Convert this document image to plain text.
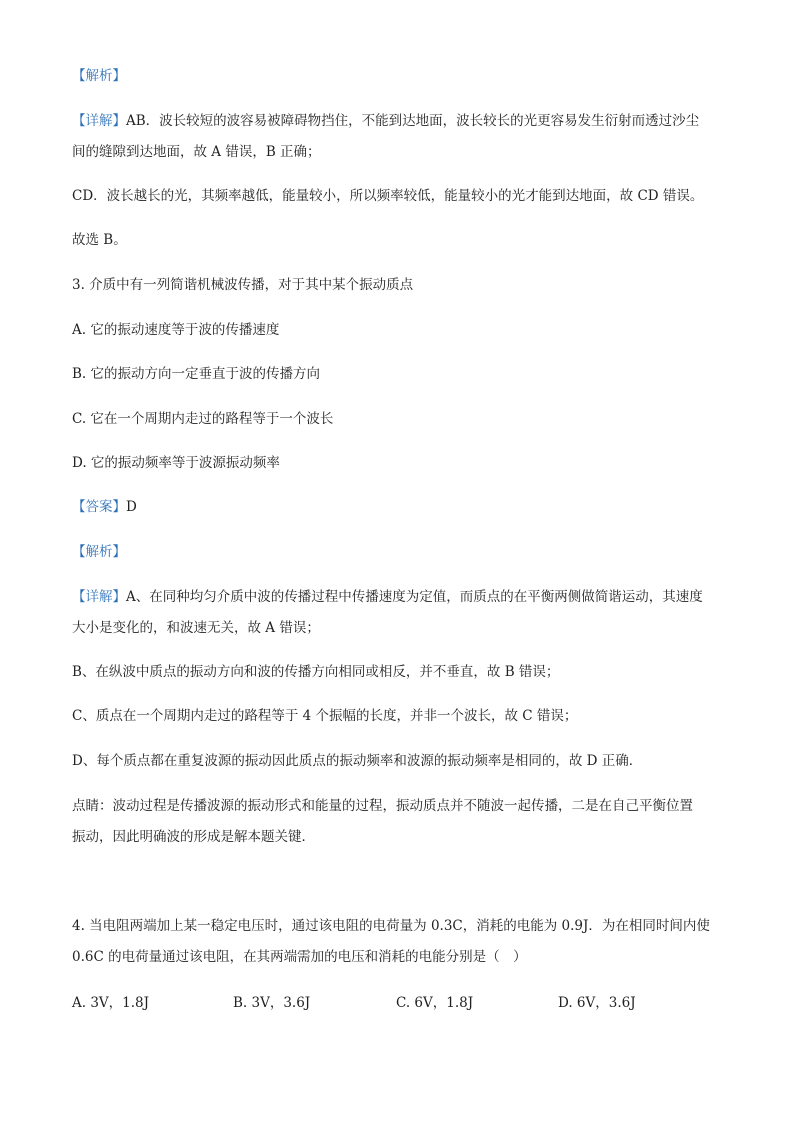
【解析】
【详解】AB．波长较短的波容易被障碍物挡住，不能到达地面，波长较长的光更容易发生衍射而透过沙尘
间的缝隙到达地面，故 A 错误，B 正确；
CD．波长越长的光，其频率越低，能量较小，所以频率较低，能量较小的光才能到达地面，故 CD 错误。
故选 B。
3. 介质中有一列简谐机械波传播，对于其中某个振动质点
A. 它的振动速度等于波的传播速度
B. 它的振动方向一定垂直于波的传播方向
C. 它在一个周期内走过的路程等于一个波长
D. 它的振动频率等于波源振动频率
【答案】D
【解析】
【详解】A、在同种均匀介质中波的传播过程中传播速度为定值，而质点的在平衡两侧做简谐运动，其速度
大小是变化的，和波速无关，故 A 错误；
B、在纵波中质点的振动方向和波的传播方向相同或相反，并不垂直，故 B 错误；
C、质点在一个周期内走过的路程等于 4 个振幅的长度，并非一个波长，故 C 错误；
D、每个质点都在重复波源的振动因此质点的振动频率和波源的振动频率是相同的，故 D 正确．
点睛：波动过程是传播波源的振动形式和能量的过程，振动质点并不随波一起传播，二是在自己平衡位置
振动，因此明确波的形成是解本题关键．
4. 当电阻两端加上某一稳定电压时，通过该电阻的电荷量为 0.3C，消耗的电能为 0.9J．为在相同时间内使
0.6C 的电荷量通过该电阻，在其两端需加的电压和消耗的电能分别是（　）
A. 3V，1.8J	B. 3V，3.6J	C. 6V，1.8J	D. 6V，3.6J
